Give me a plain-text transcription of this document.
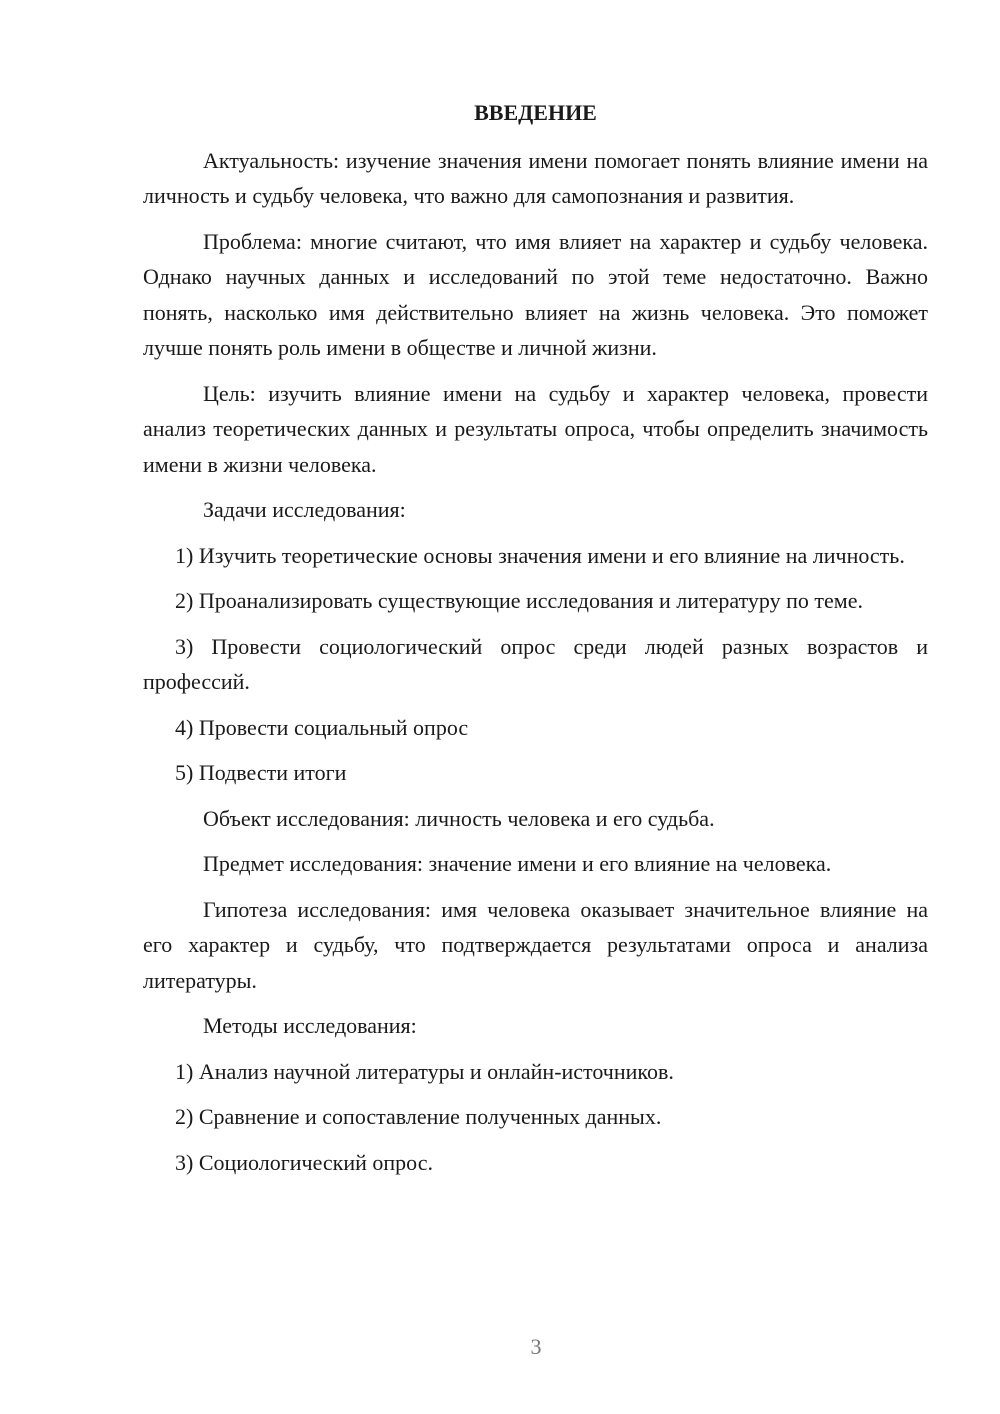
ВВЕДЕНИЕ

Актуальность: изучение значения имени помогает понять влияние имени на личность и судьбу человека, что важно для самопознания и развития.

Проблема: многие считают, что имя влияет на характер и судьбу человека. Однако научных данных и исследований по этой теме недостаточно. Важно понять, насколько имя действительно влияет на жизнь человека. Это поможет лучше понять роль имени в обществе и личной жизни.

Цель: изучить влияние имени на судьбу и характер человека, провести анализ теоретических данных и результаты опроса, чтобы определить значимость имени в жизни человека.

Задачи исследования:

1) Изучить теоретические основы значения имени и его влияние на личность.

2) Проанализировать существующие исследования и литературу по теме.

3) Провести социологический опрос среди людей разных возрастов и профессий.

4) Провести социальный опрос

5) Подвести итоги

Объект исследования: личность человека и его судьба.

Предмет исследования: значение имени и его влияние на человека.

Гипотеза исследования: имя человека оказывает значительное влияние на его характер и судьбу, что подтверждается результатами опроса и анализа литературы.

Методы исследования:

1) Анализ научной литературы и онлайн-источников.

2) Сравнение и сопоставление полученных данных.

3) Социологический опрос.

3
